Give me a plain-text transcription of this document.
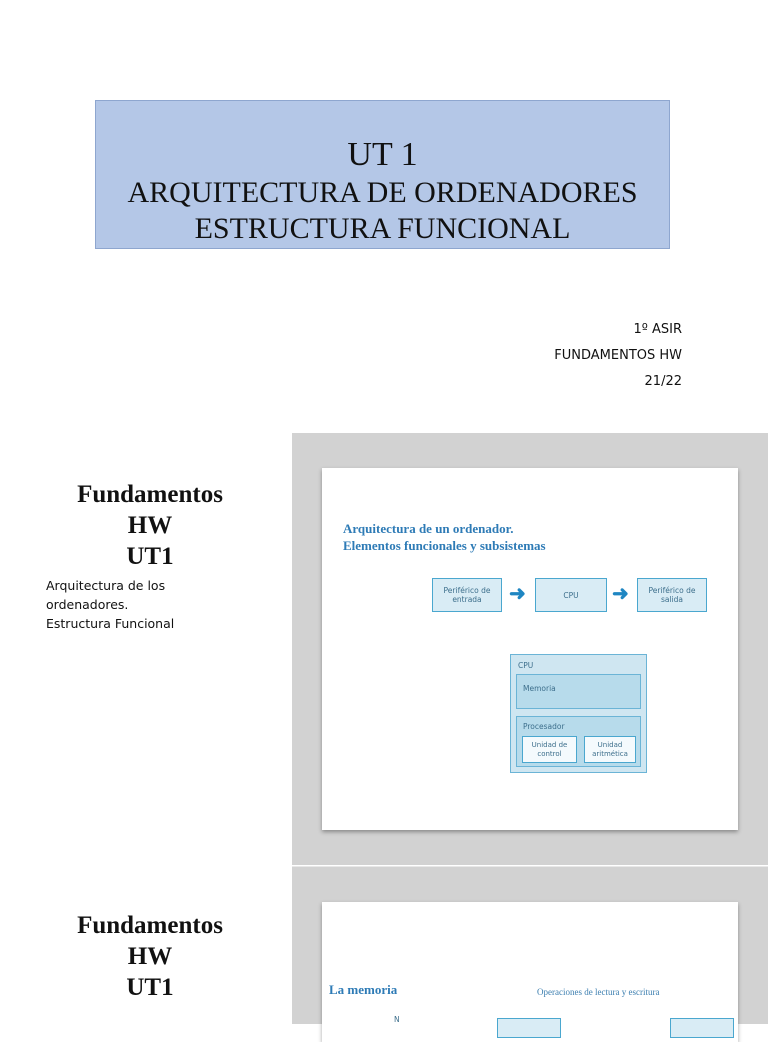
UT 1
ARQUITECTURA DE ORDENADORES
ESTRUCTURA FUNCIONAL
1º ASIR
FUNDAMENTOS HW
21/22
Fundamentos
HW
UT1
Arquitectura de los ordenadores.
Estructura Funcional
Arquitectura de un ordenador.
Elementos funcionales y subsistemas
Periférico de entrada	➜	CPU	➜	Periférico de salida
CPU
Memoria
Procesador
Unidad de control
Unidad aritmética
Fundamentos
HW
UT1	La memoria	Operaciones de lectura y escritura
N
